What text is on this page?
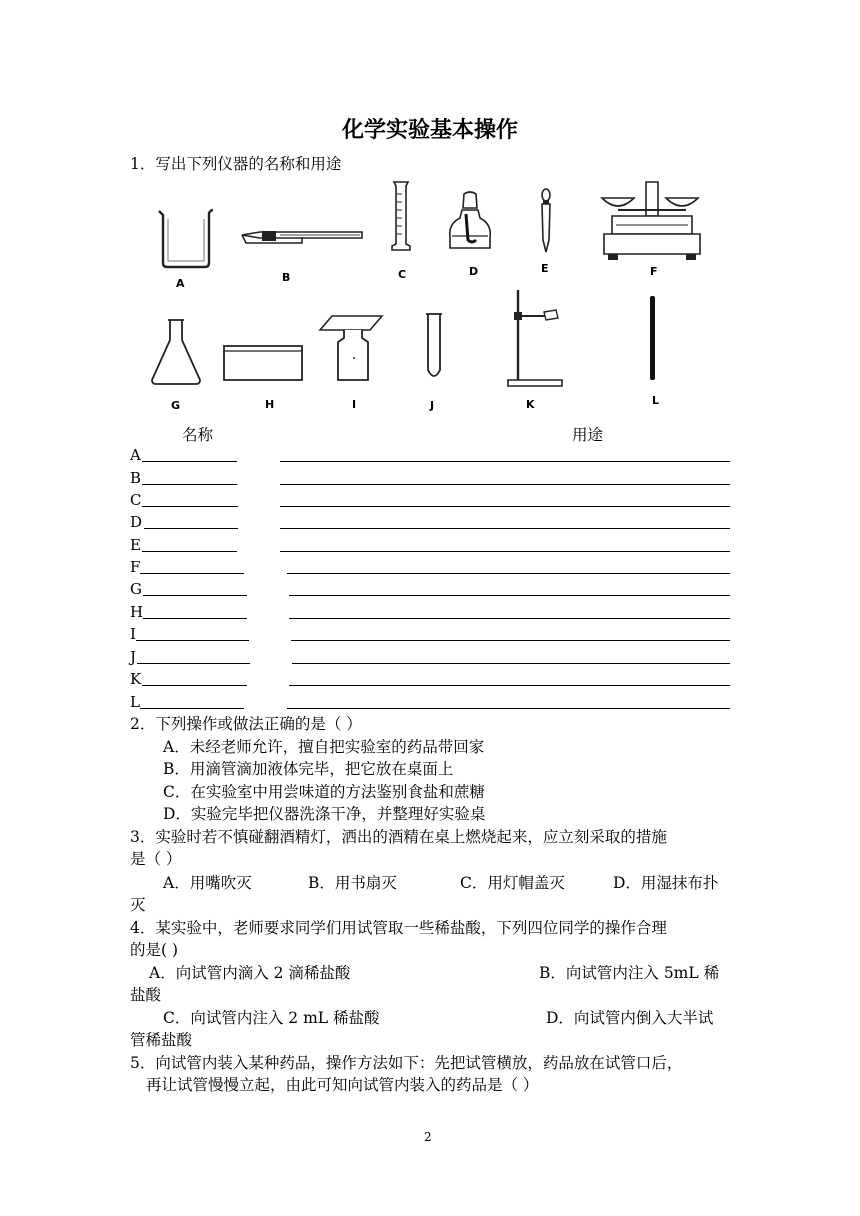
化学实验基本操作
1．写出下列仪器的名称和用途
A	B	C	D	E	F
G	H	I	J	K	L
名称	用途
A
B
C
D
E
F
G
H
I
J
K
L
2．下列操作或做法正确的是（ ）
A．未经老师允许，擅自把实验室的药品带回家
B．用滴管滴加液体完毕，把它放在桌面上
C．在实验室中用尝味道的方法鉴别食盐和蔗糖
D．实验完毕把仪器洗涤干净，并整理好实验桌
3．实验时若不慎碰翻酒精灯，洒出的酒精在桌上燃烧起来，应立刻采取的措施
是（ ）
A．用嘴吹灭	B．用书扇灭	C．用灯帽盖灭	D．用湿抹布扑
灭
4．某实验中，老师要求同学们用试管取一些稀盐酸，下列四位同学的操作合理
的是( )
A．向试管内滴入 2 滴稀盐酸	B．向试管内注入 5mL 稀
盐酸
C．向试管内注入 2 mL 稀盐酸	D．向试管内倒入大半试
管稀盐酸
5．向试管内装入某种药品，操作方法如下：先把试管横放，药品放在试管口后，
再让试管慢慢立起，由此可知向试管内装入的药品是（ ）
2
